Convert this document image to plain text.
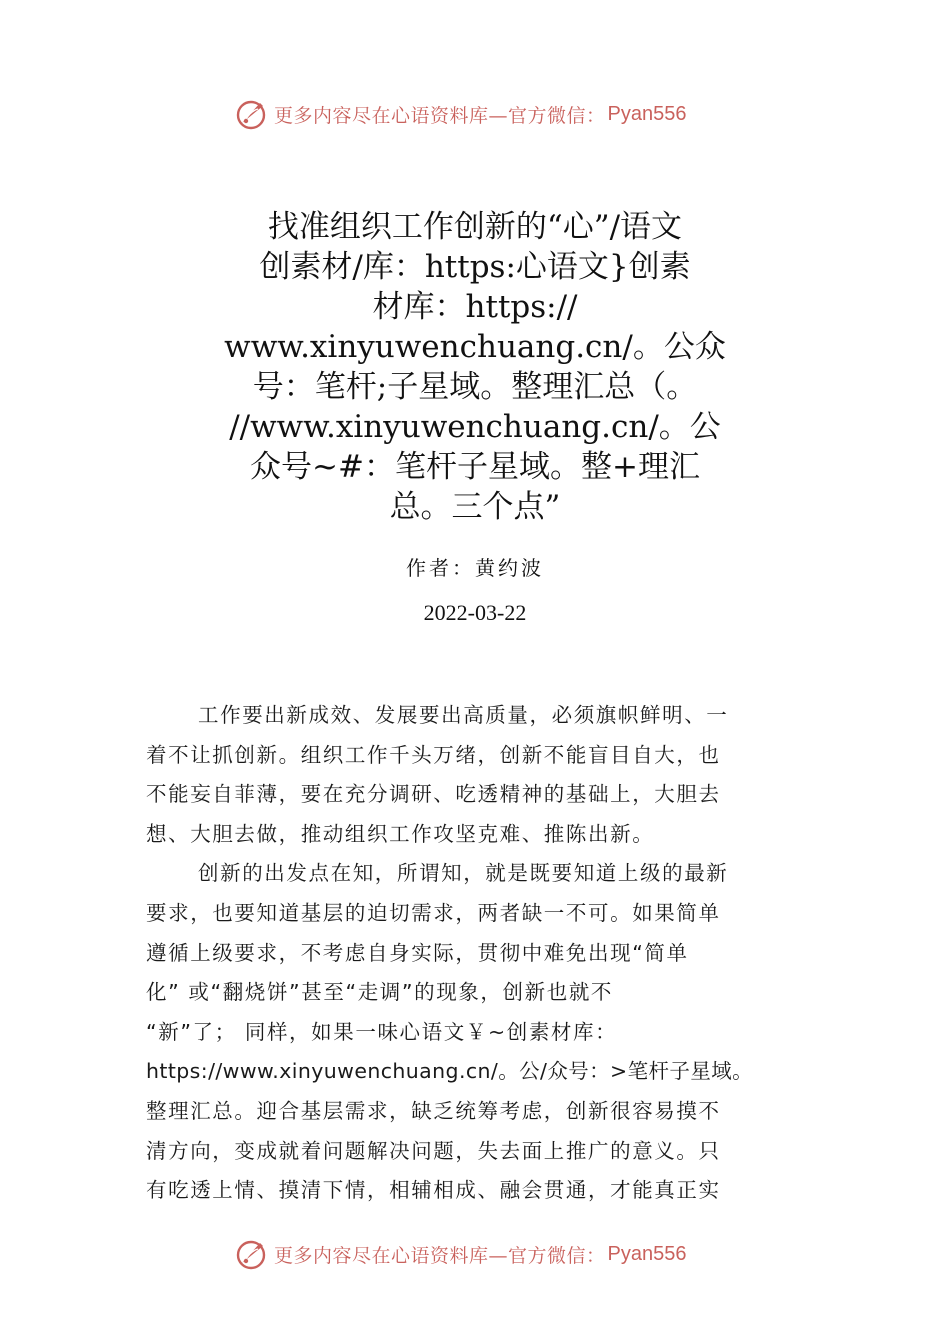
更多内容尽在心语资料库—官方微信： Pyan556
找准组织工作创新的“心”/语文
创素材/库：https:心语文}创素
材库：https://
www.xinyuwenchuang.cn/。公众
号：笔杆;子星域。整理汇总（。
//www.xinyuwenchuang.cn/。公
众号~#：笔杆子星域。整+理汇
总。三个点”
作者：黄约波
2022-03-22
工作要出新成效、发展要出高质量，必须旗帜鲜明、一
着不让抓创新。组织工作千头万绪，创新不能盲目自大，也
不能妄自菲薄，要在充分调研、吃透精神的基础上，大胆去
想、大胆去做，推动组织工作攻坚克难、推陈出新。
创新的出发点在知，所谓知，就是既要知道上级的最新
要求，也要知道基层的迫切需求，两者缺一不可。如果简单
遵循上级要求，不考虑自身实际，贯彻中难免出现“简单
化” 或“翻烧饼”甚至“走调”的现象，创新也就不
“新”了； 同样，如果一味心语文￥~创素材库：
https://www.xinyuwenchuang.cn/。公/众号：>笔杆子星域。
整理汇总。迎合基层需求，缺乏统筹考虑，创新很容易摸不
清方向，变成就着问题解决问题，失去面上推广的意义。只
有吃透上情、摸清下情，相辅相成、融会贯通，才能真正实
更多内容尽在心语资料库—官方微信： Pyan556
